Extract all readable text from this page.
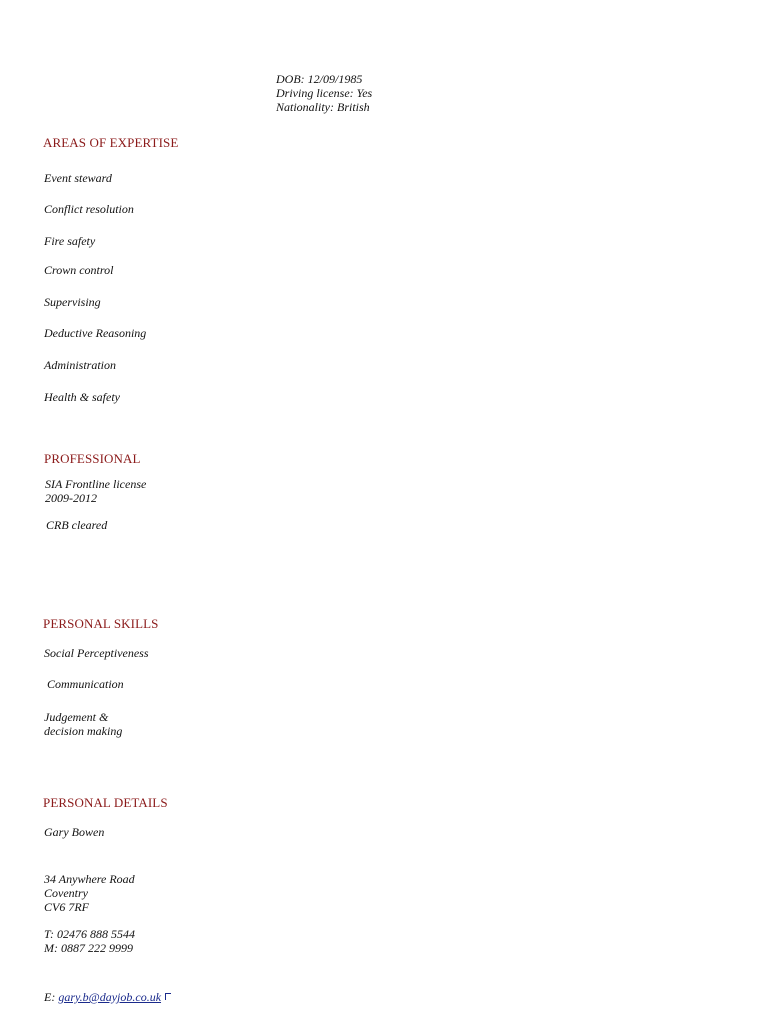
DOB: 12/09/1985
Driving license: Yes
Nationality: British
AREAS OF EXPERTISE
Event steward
Conflict resolution
Fire safety
Crown control
Supervising
Deductive Reasoning
Administration
Health & safety
PROFESSIONAL
SIA Frontline license
2009-2012
CRB cleared
PERSONAL SKILLS
Social Perceptiveness
Communication
Judgement &
decision making
PERSONAL DETAILS
Gary Bowen
34 Anywhere Road
Coventry
CV6 7RF
T: 02476 888 5544
M: 0887 222 9999
E: gary.b@dayjob.co.uk
